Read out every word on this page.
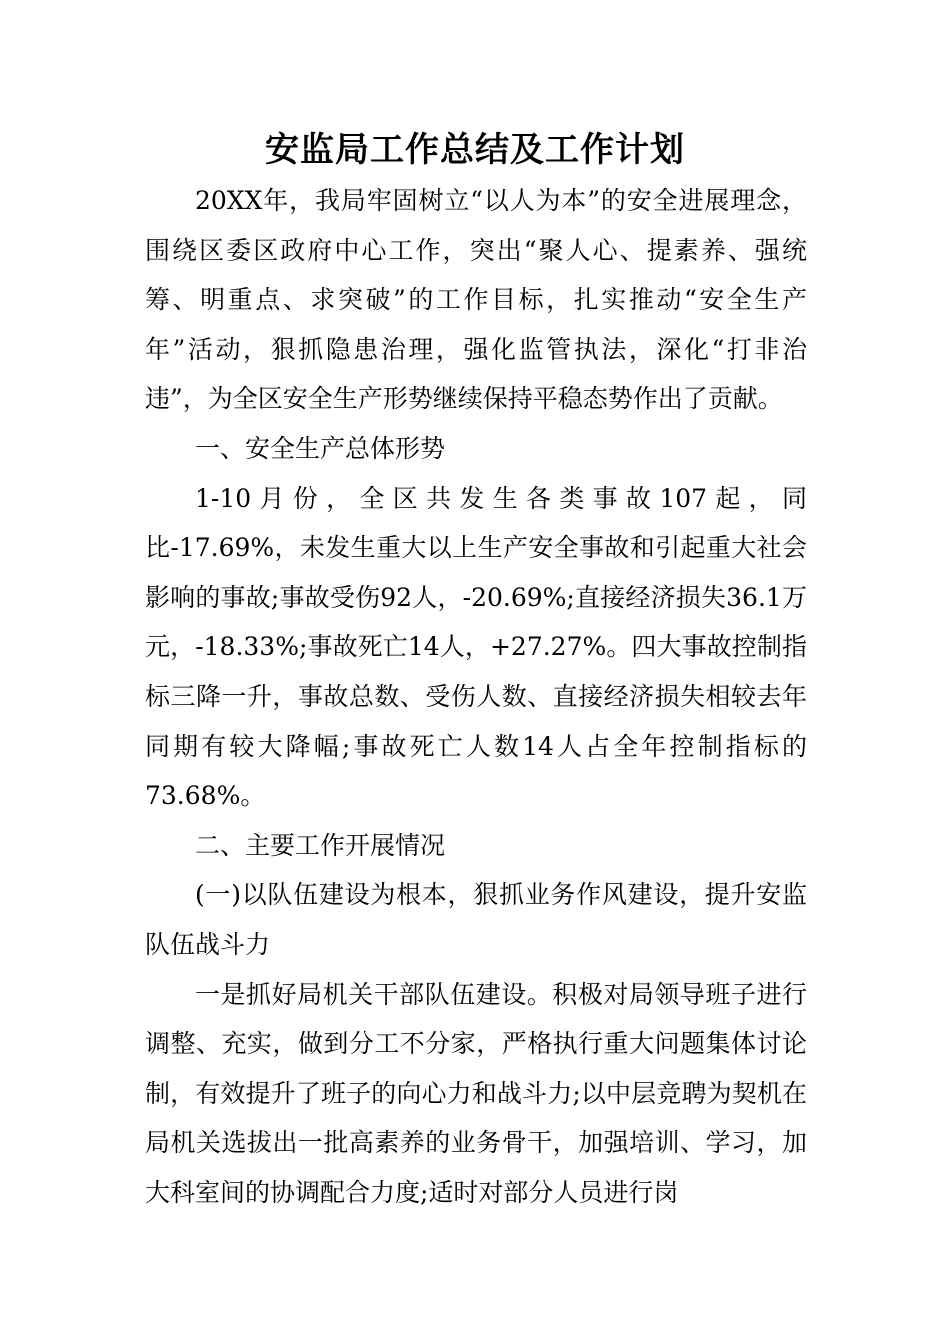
安监局工作总结及工作计划

20XX年，我局牢固树立“以人为本”的安全进展理念，围绕区委区政府中心工作，突出“聚人心、提素养、强统筹、明重点、求突破”的工作目标，扎实推动“安全生产年”活动，狠抓隐患治理，强化监管执法，深化“打非治违”，为全区安全生产形势继续保持平稳态势作出了贡献。

一、安全生产总体形势

1-10月份，全区共发生各类事故107起，同比-17.69%，未发生重大以上生产安全事故和引起重大社会影响的事故;事故受伤92人，-20.69%;直接经济损失36.1万元，-18.33%;事故死亡14人，+27.27%。四大事故控制指标三降一升，事故总数、受伤人数、直接经济损失相较去年同期有较大降幅;事故死亡人数14人占全年控制指标的73.68%。

二、主要工作开展情况

(一)以队伍建设为根本，狠抓业务作风建设，提升安监队伍战斗力

一是抓好局机关干部队伍建设。积极对局领导班子进行调整、充实，做到分工不分家，严格执行重大问题集体讨论制，有效提升了班子的向心力和战斗力;以中层竞聘为契机在局机关选拔出一批高素养的业务骨干，加强培训、学习，加大科室间的协调配合力度;适时对部分人员进行岗
